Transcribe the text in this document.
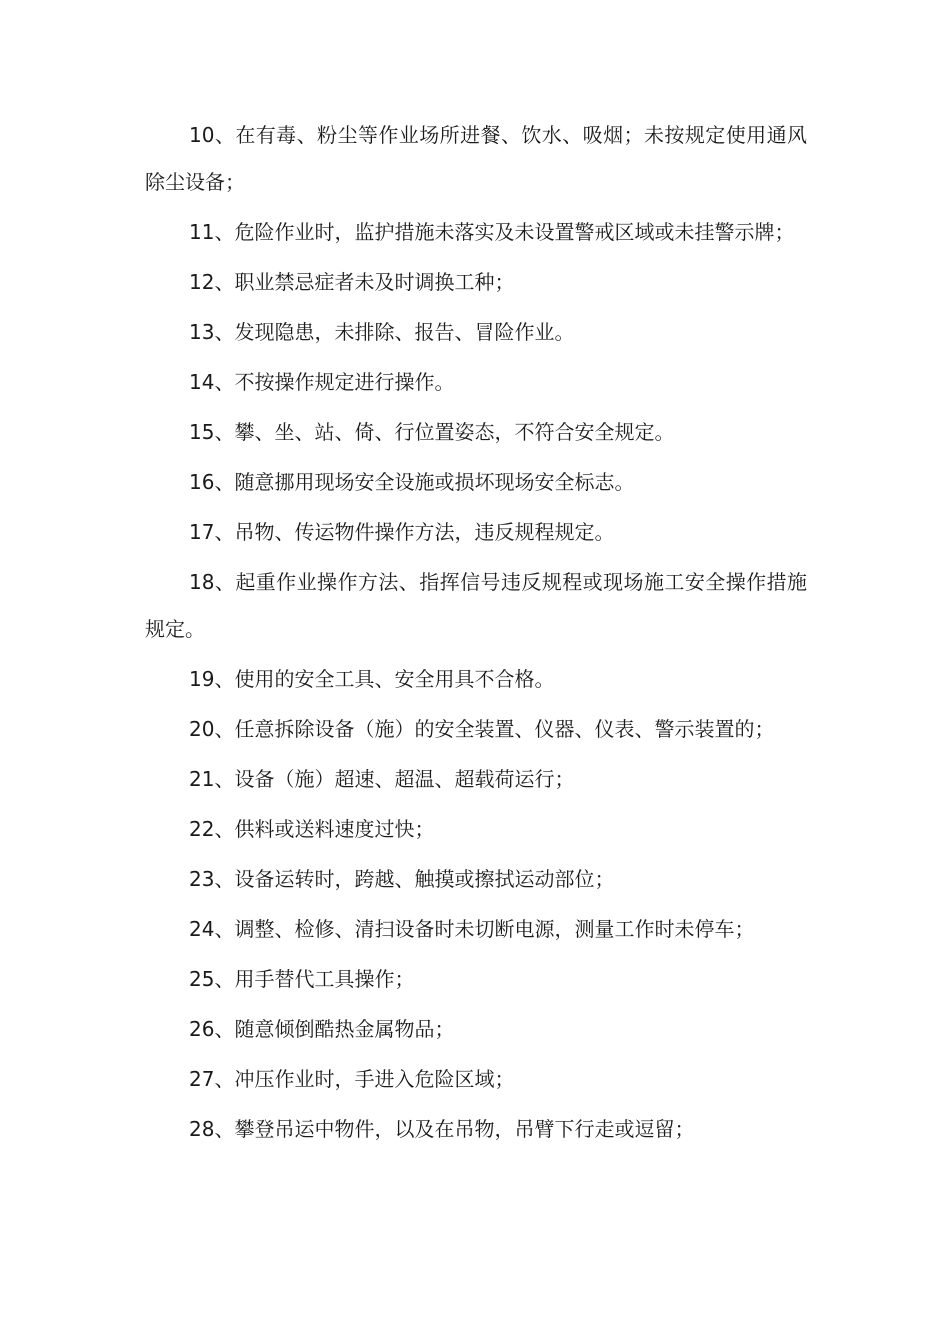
10、在有毒、粉尘等作业场所进餐、饮水、吸烟；未按规定使用通风除尘设备；

11、危险作业时，监护措施未落实及未设置警戒区域或未挂警示牌；

12、职业禁忌症者未及时调换工种；

13、发现隐患，未排除、报告、冒险作业。

14、不按操作规定进行操作。

15、攀、坐、站、倚、行位置姿态，不符合安全规定。

16、随意挪用现场安全设施或损坏现场安全标志。

17、吊物、传运物件操作方法，违反规程规定。

18、起重作业操作方法、指挥信号违反规程或现场施工安全操作措施规定。

19、使用的安全工具、安全用具不合格。

20、任意拆除设备（施）的安全装置、仪器、仪表、警示装置的；

21、设备（施）超速、超温、超载荷运行；

22、供料或送料速度过快；

23、设备运转时，跨越、触摸或擦拭运动部位；

24、调整、检修、清扫设备时未切断电源，测量工作时未停车；

25、用手替代工具操作；

26、随意倾倒酷热金属物品；

27、冲压作业时，手进入危险区域；

28、攀登吊运中物件，以及在吊物，吊臂下行走或逗留；
